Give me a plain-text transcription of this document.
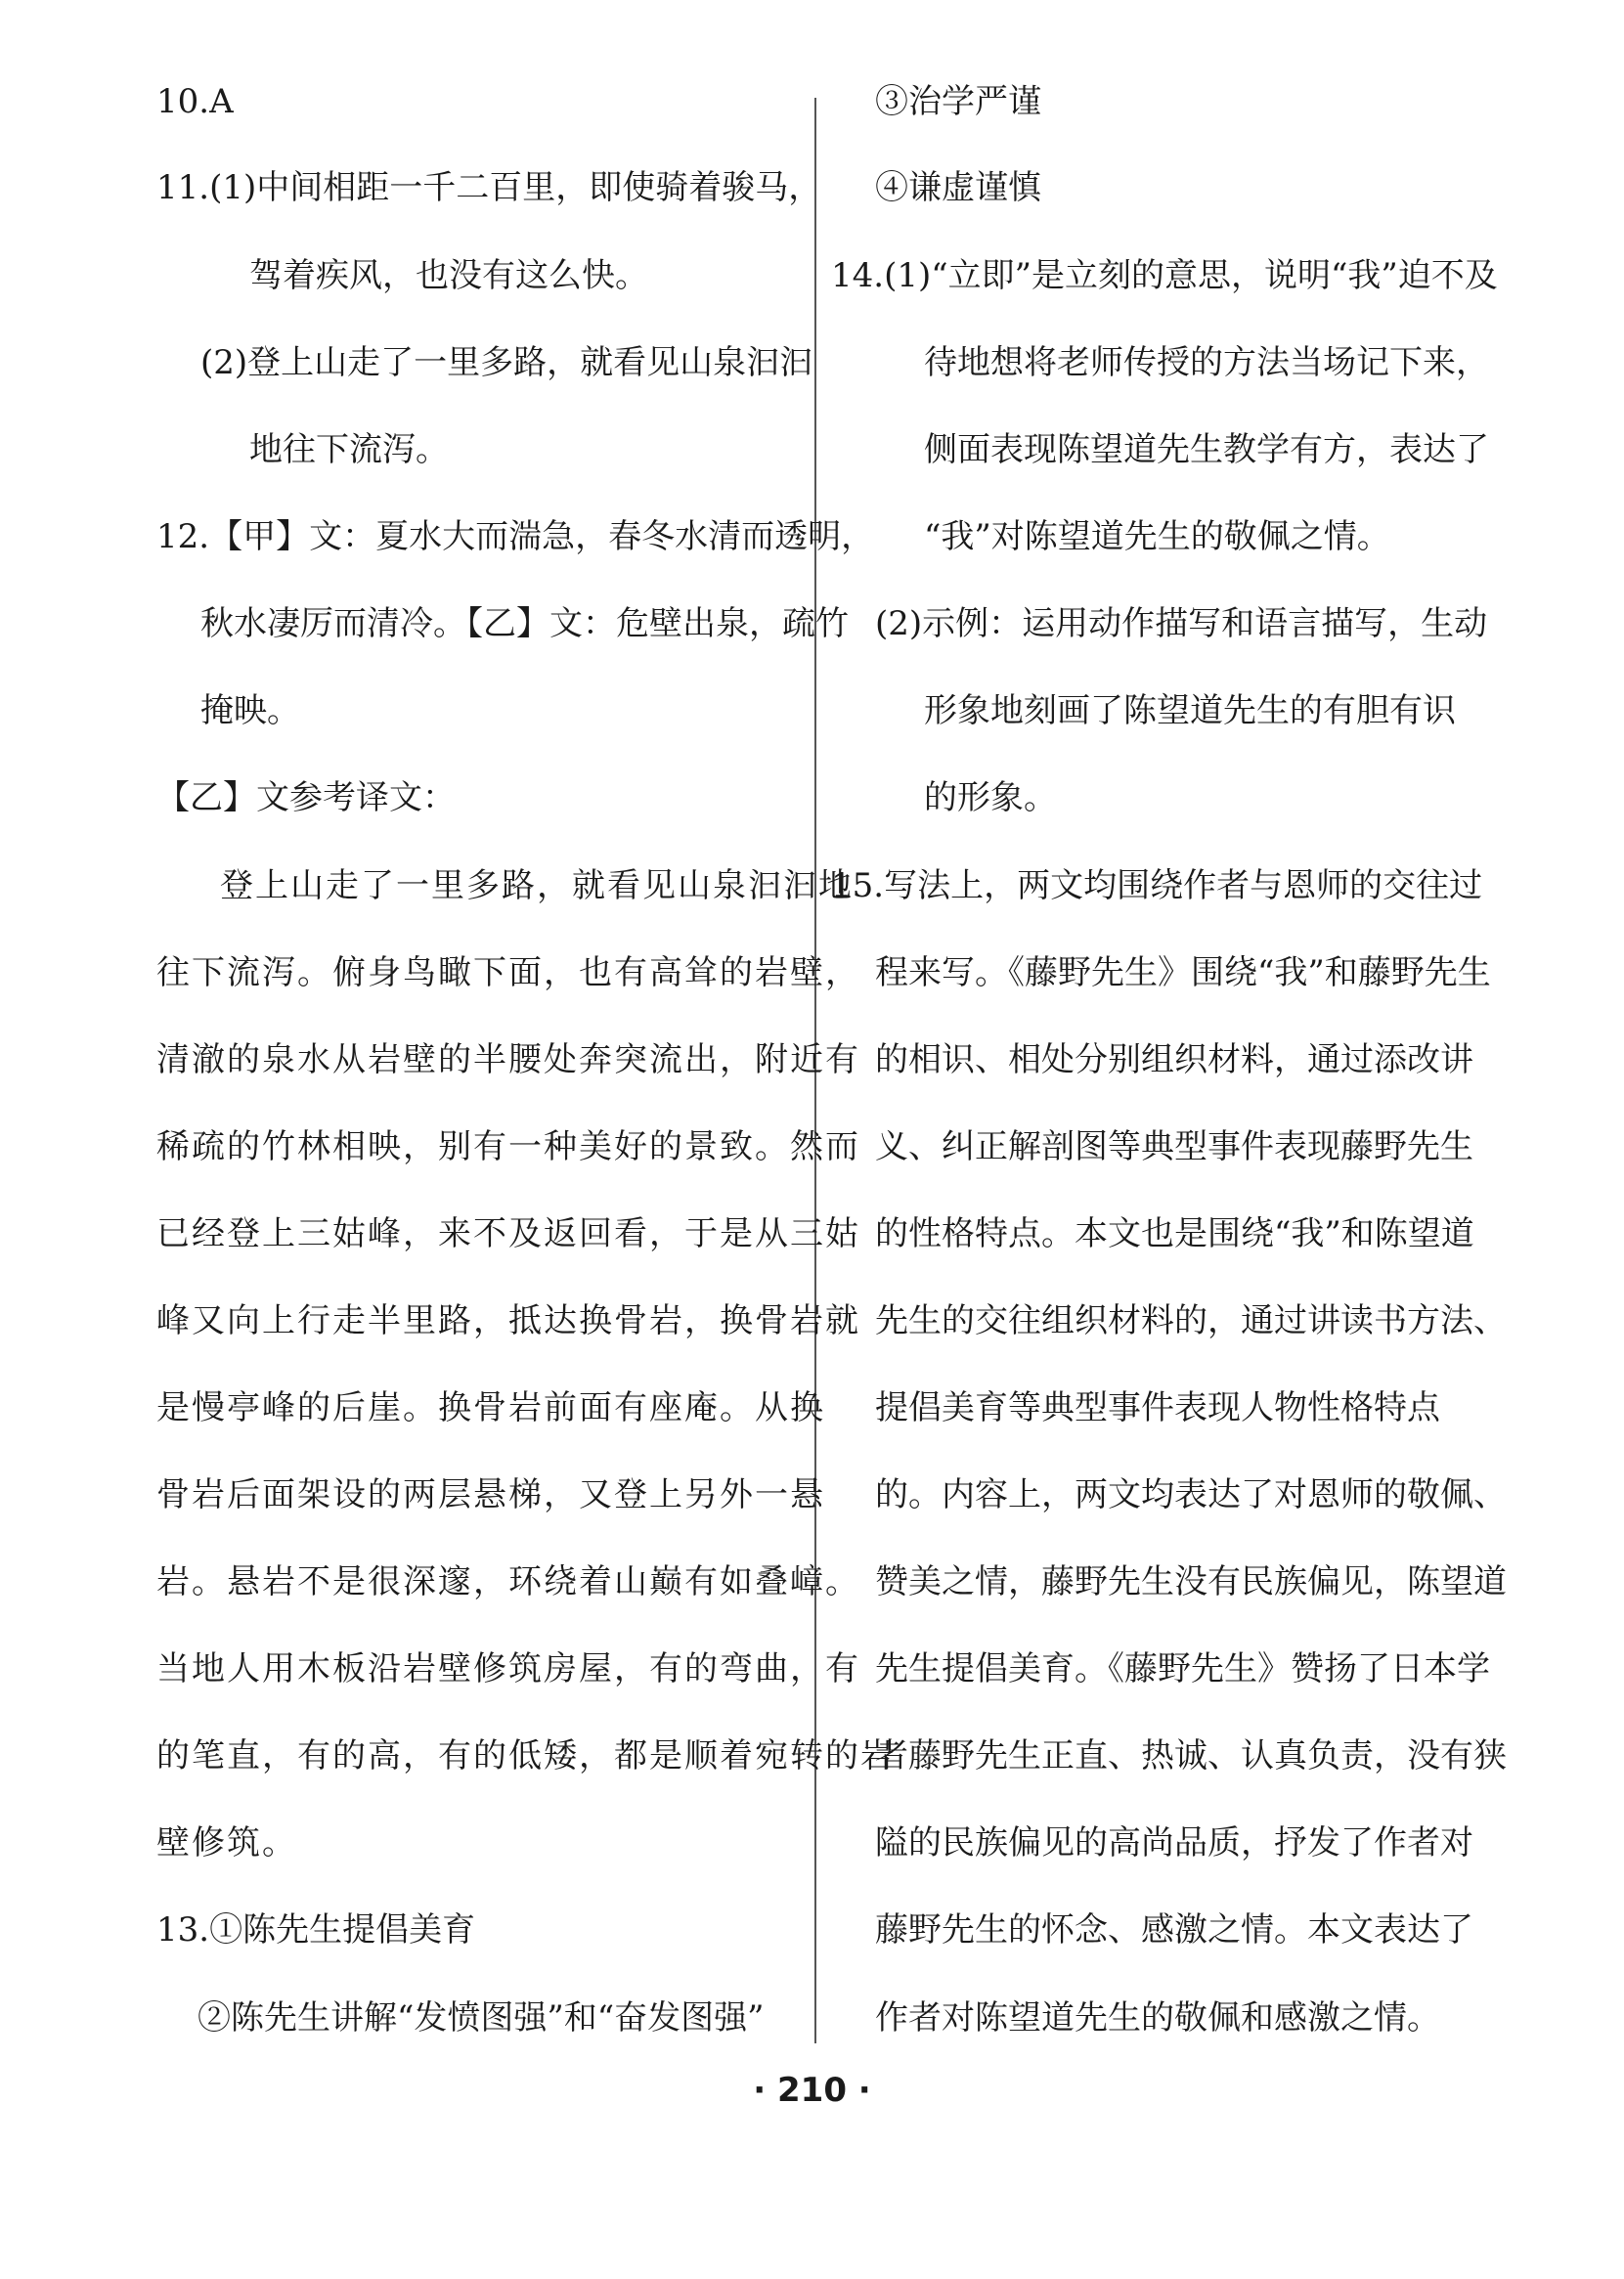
10.A
11.(1)中间相距一千二百里，即使骑着骏马，
驾着疾风，也没有这么快。
(2)登上山走了一里多路，就看见山泉汩汩
地往下流泻。
12.【甲】文：夏水大而湍急，春冬水清而透明，
秋水凄厉而清冷。【乙】文：危壁出泉，疏竹
掩映。
【乙】文参考译文：
登上山走了一里多路，就看见山泉汩汩地
往下流泻。俯身鸟瞰下面，也有高耸的岩壁，
清澈的泉水从岩壁的半腰处奔突流出，附近有
稀疏的竹林相映，别有一种美好的景致。然而
已经登上三姑峰，来不及返回看，于是从三姑
峰又向上行走半里路，抵达换骨岩，换骨岩就
是慢亭峰的后崖。换骨岩前面有座庵。从换
骨岩后面架设的两层悬梯，又登上另外一悬
岩。悬岩不是很深邃，环绕着山巅有如叠嶂。
当地人用木板沿岩壁修筑房屋，有的弯曲，有
的笔直，有的高，有的低矮，都是顺着宛转的岩
壁修筑。
13.①陈先生提倡美育
②陈先生讲解“发愤图强”和“奋发图强”
③治学严谨
④谦虚谨慎
14.(1)“立即”是立刻的意思，说明“我”迫不及
待地想将老师传授的方法当场记下来，
侧面表现陈望道先生教学有方，表达了
“我”对陈望道先生的敬佩之情。
(2)示例：运用动作描写和语言描写，生动
形象地刻画了陈望道先生的有胆有识
的形象。
15.写法上，两文均围绕作者与恩师的交往过
程来写。《藤野先生》围绕“我”和藤野先生
的相识、相处分别组织材料，通过添改讲
义、纠正解剖图等典型事件表现藤野先生
的性格特点。本文也是围绕“我”和陈望道
先生的交往组织材料的，通过讲读书方法、
提倡美育等典型事件表现人物性格特点
的。内容上，两文均表达了对恩师的敬佩、
赞美之情，藤野先生没有民族偏见，陈望道
先生提倡美育。《藤野先生》赞扬了日本学
者藤野先生正直、热诚、认真负责，没有狭
隘的民族偏见的高尚品质，抒发了作者对
藤野先生的怀念、感激之情。本文表达了
作者对陈望道先生的敬佩和感激之情。
· 210 ·
